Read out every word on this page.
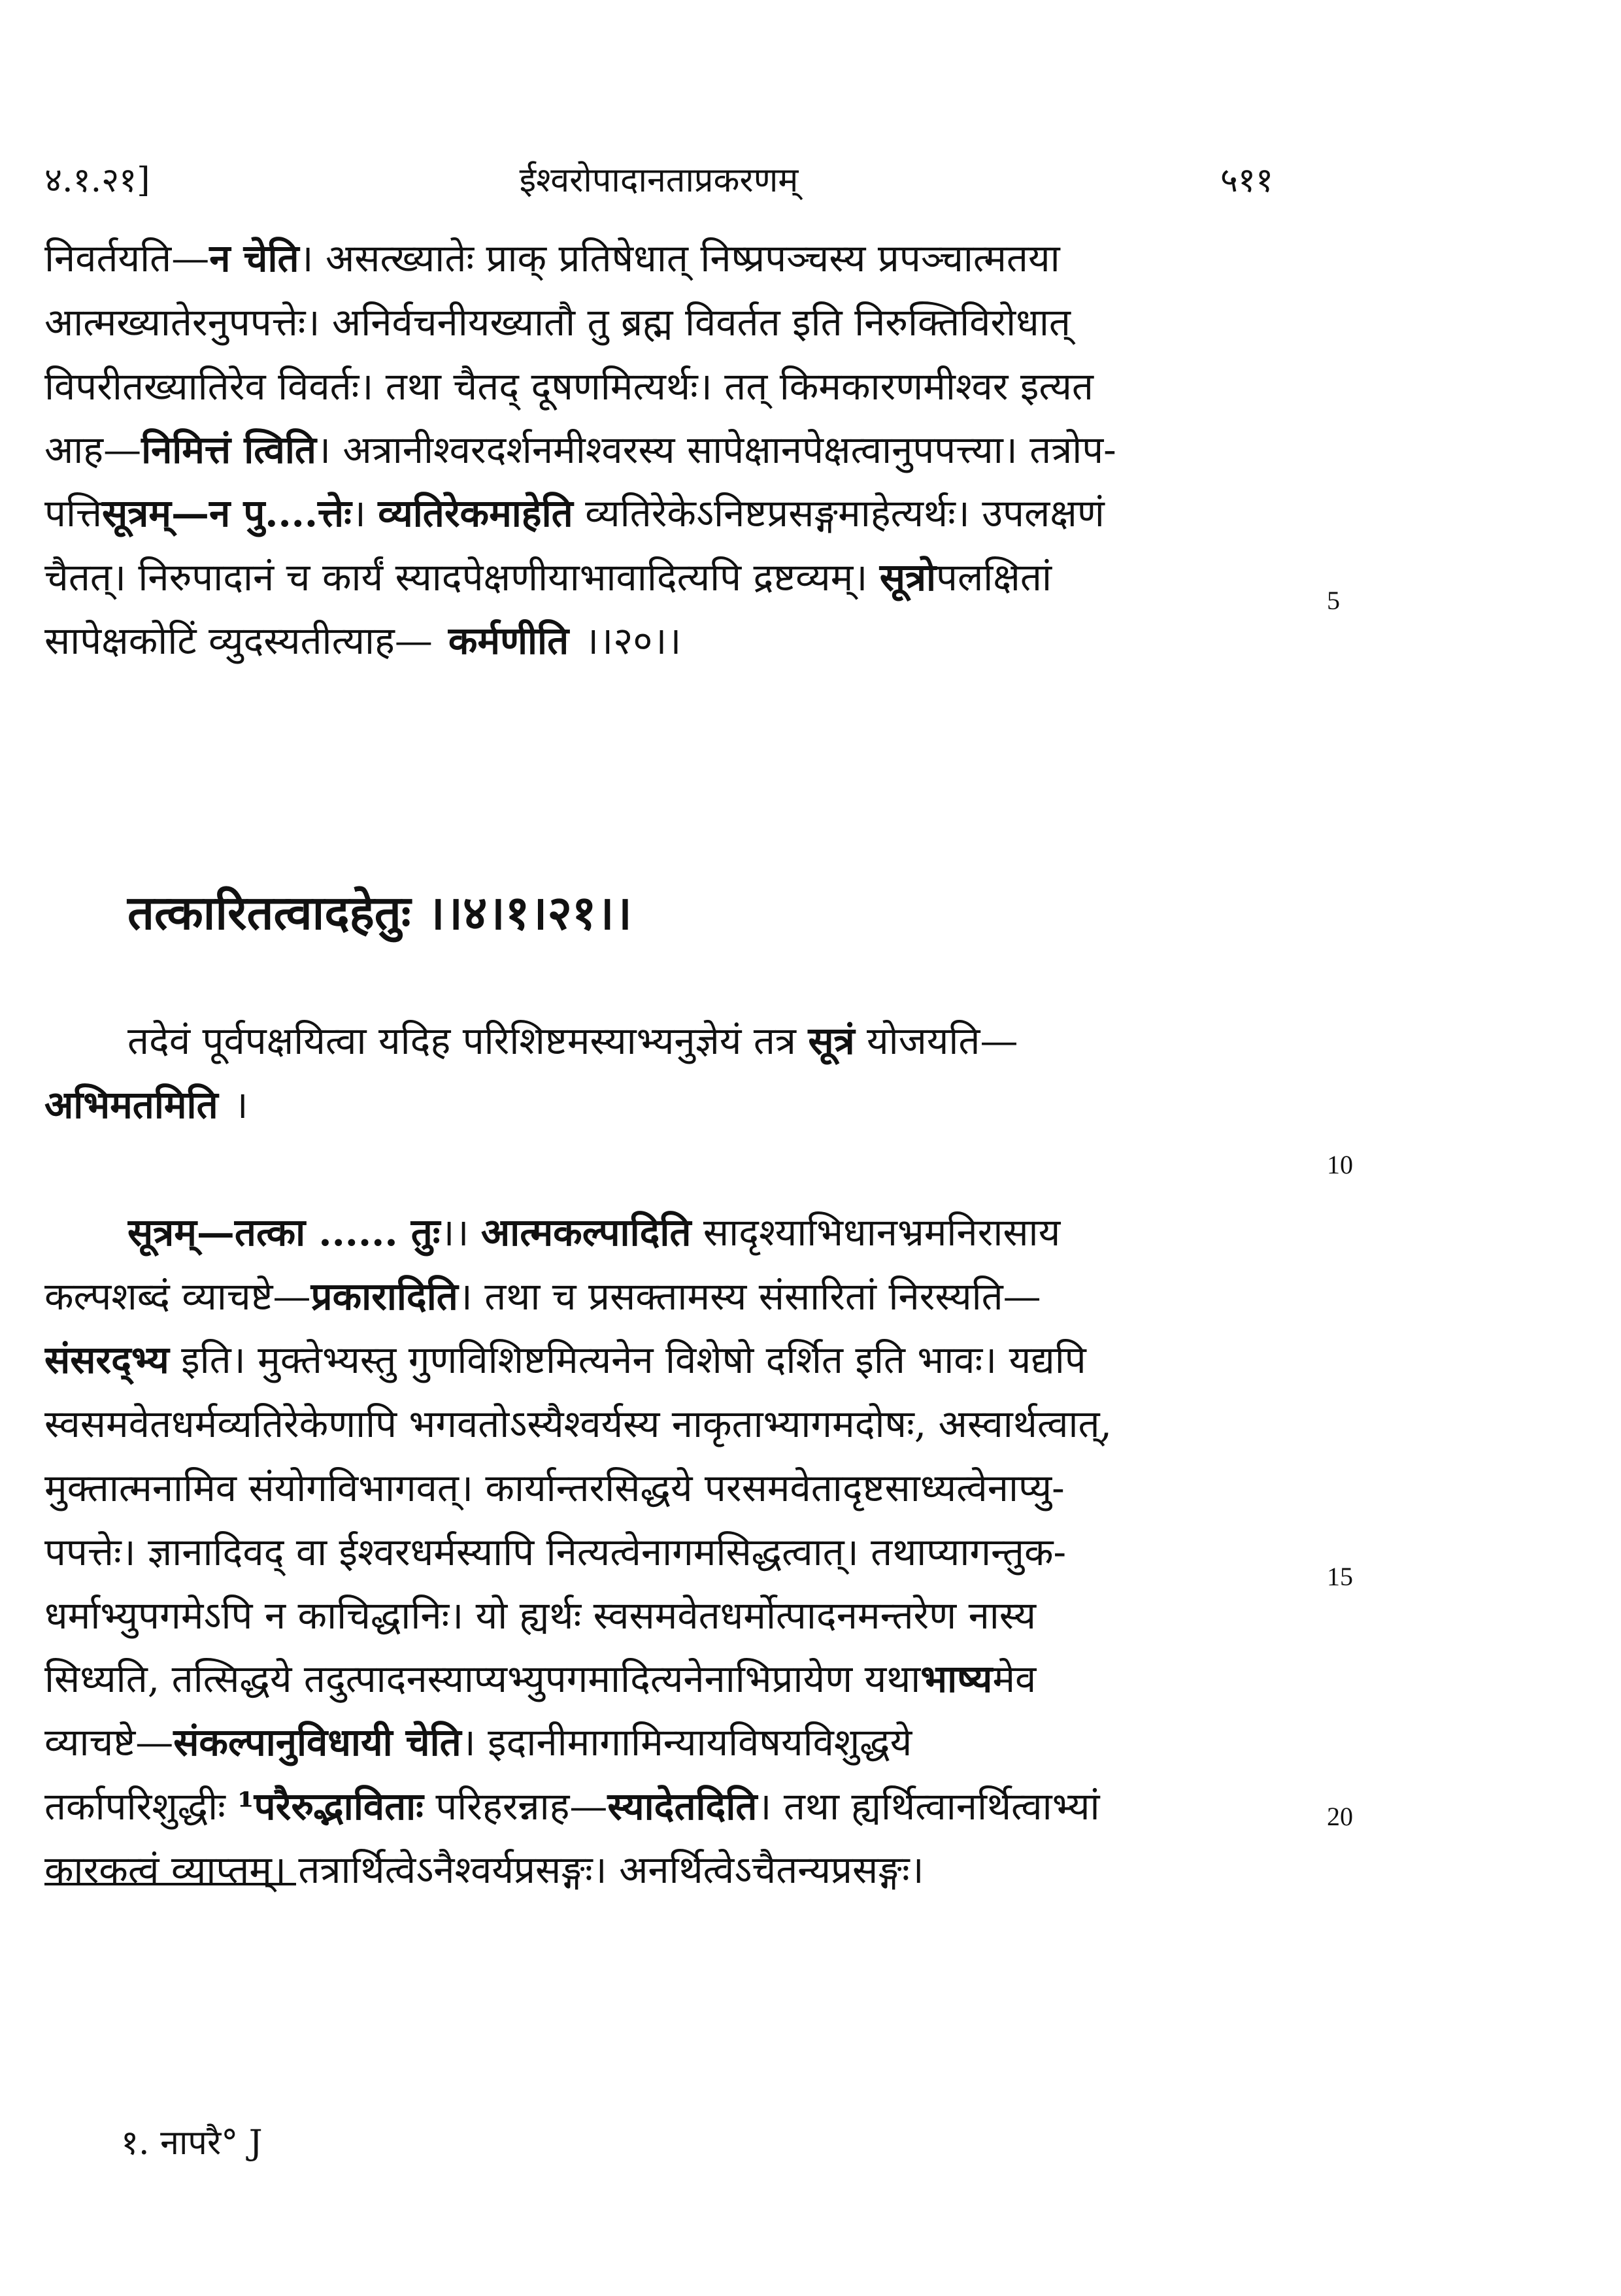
४.१.२१]	ईश्वरोपादानताप्रकरणम्	५११
निवर्तयति— न चेति । असत्ख्यातेः प्राक् प्रतिषेधात् निष्प्रपञ्चस्य प्रपञ्चात्मतया
आत्मख्यातेरनुपपत्तेः। अनिर्वचनीयख्यातौ तु ब्रह्म विवर्तत इति निरुक्तिविरोधात्
विपरीतख्यातिरेव विवर्तः। तथा चैतद् दूषणमित्यर्थः। तत् किमकारणमीश्वर इत्यत
आह— निमित्तं त्विति । अत्रानीश्वरदर्शनमीश्वरस्य सापेक्षानपेक्षत्वानुपपत्त्या। तत्रोप-
पत्ति सूत्रम्—न पु....त्तेः । व्यतिरेकमाहेति व्यतिरेकेऽनिष्टप्रसङ्गमाहेत्यर्थः। उपलक्षणं
चैतत्। निरुपादानं च कार्यं स्यादपेक्षणीयाभावादित्यपि द्रष्टव्यम्। सूत्रो पलक्षितां
सापेक्षकोटिं व्युदस्यतीत्याह— कर्मणीति ।।२०।।
तदेवं पूर्वपक्षयित्वा यदिह परिशिष्टमस्याभ्यनुज्ञेयं तत्र सूत्रं योजयति—
अभिमतमिति ।
सूत्रम्—तत्का ...... तुः ।। आत्मकल्पादिति सादृश्याभिधानभ्रमनिरासाय
कल्पशब्दं व्याचष्टे— प्रकारादिति । तथा च प्रसक्तामस्य संसारितां निरस्यति—
संसरद्भ्य इति। मुक्तेभ्यस्तु गुणविशिष्टमित्यनेन विशेषो दर्शित इति भावः। यद्यपि
स्वसमवेतधर्मव्यतिरेकेणापि भगवतोऽस्यैश्वर्यस्य नाकृताभ्यागमदोषः, अस्वार्थत्वात्,
मुक्तात्मनामिव संयोगविभागवत्। कार्यान्तरसिद्धये परसमवेतादृष्टसाध्यत्वेनाप्यु-
पपत्तेः। ज्ञानादिवद् वा ईश्वरधर्मस्यापि नित्यत्वेनागमसिद्धत्वात्। तथाप्यागन्तुक-
धर्माभ्युपगमेऽपि न काचिद्धानिः। यो ह्यर्थः स्वसमवेतधर्मोत्पादनमन्तरेण नास्य
सिध्यति, तत्सिद्धये तदुत्पादनस्याप्यभ्युपगमादित्यनेनाभिप्रायेण यथा भाष्य मेव
व्याचष्टे— संकल्पानुविधायी चेति । इदानीमागामिन्यायविषयविशुद्धये
तर्कापरिशुद्धीः ¹परैरुद्भाविताः परिहरन्नाह— स्यादेतदिति । तथा ह्यर्थित्वानर्थित्वाभ्यां
कारकत्वं व्याप्तम्। तत्रार्थित्वेऽनैश्वर्यप्रसङ्गः। अनर्थित्वेऽचैतन्यप्रसङ्गः।
तत्कारितत्वादहेतुः ।।४।१।२१।।
5
10
15
20
१. नापरै° J
